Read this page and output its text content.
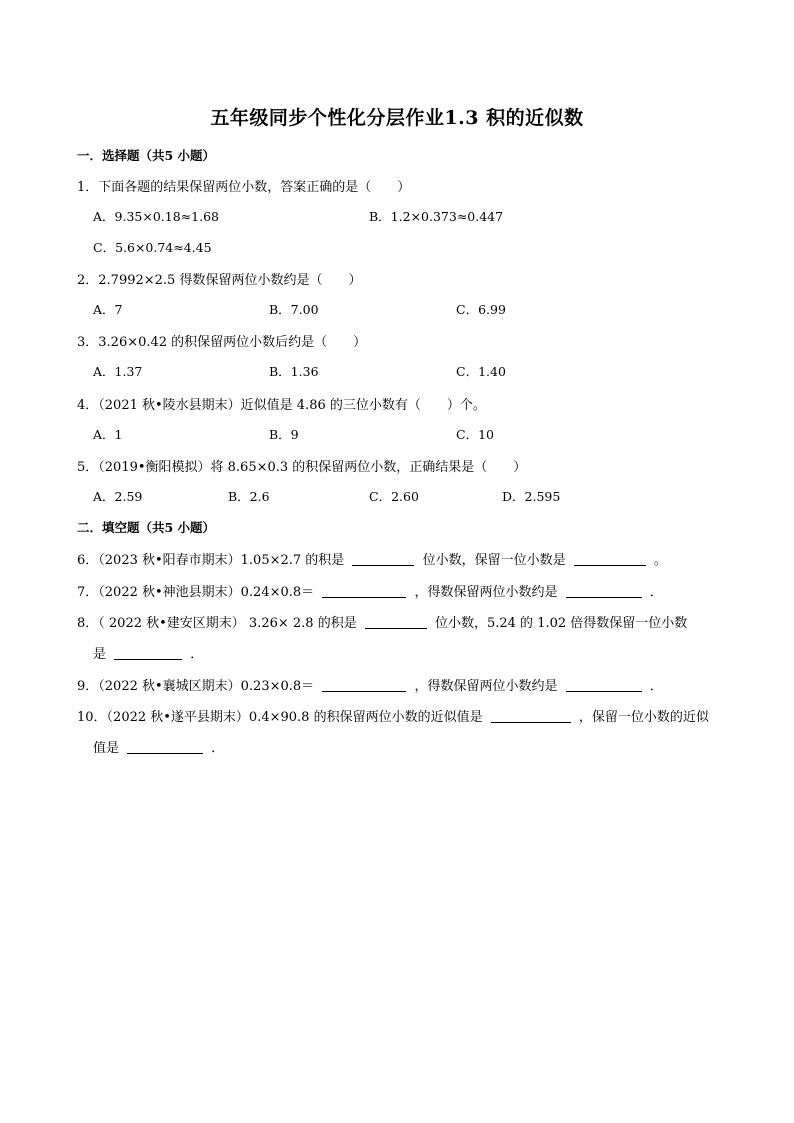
五年级同步个性化分层作业1.3 积的近似数
一．选择题（共5 小题）
1．下面各题的结果保留两位小数，答案正确的是（　　）
A．9.35×0.18≈1.68	B．1.2×0.373≈0.447
C．5.6×0.74≈4.45
2．2.7992×2.5 得数保留两位小数约是（　　）
A．7	B．7.00	C．6.99
3．3.26×0.42 的积保留两位小数后约是（　　）
A．1.37	B．1.36	C．1.40
4．（2021 秋•陵水县期末）近似值是 4.86 的三位小数有（　　）个。
A．1	B．9	C．10
5．（2019•衡阳模拟）将 8.65×0.3 的积保留两位小数，正确结果是（　　）
A．2.59	B．2.6	C．2.60	D．2.595
二．填空题（共5 小题）
6．（2023 秋•阳春市期末）1.05×2.7 的积是	位小数，保留一位小数是	。
7．（2022 秋•神池县期末）0.24×0.8＝	，得数保留两位小数约是	．
8．（ 2022 秋•建安区期末） 3.26× 2.8 的积是	位小数，5.24 的 1.02 倍得数保留一位小数
是	．
9．（2022 秋•襄城区期末）0.23×0.8＝	，得数保留两位小数约是	．
10．（2022 秋•遂平县期末）0.4×90.8 的积保留两位小数的近似值是	，保留一位小数的近似
值是	．
